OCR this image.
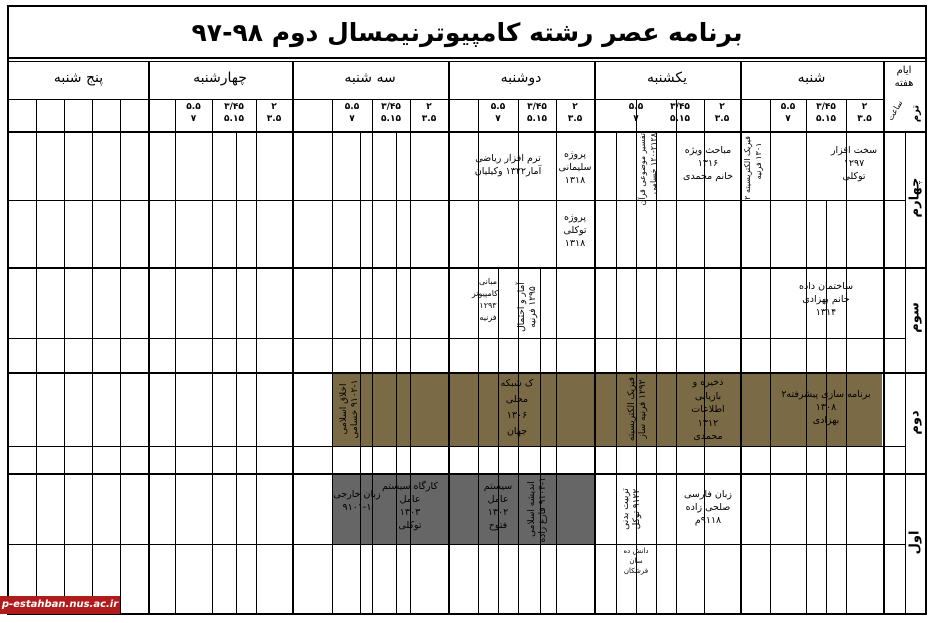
برنامه عصر رشته کامپیوترنیمسال دوم ۹۸-۹۷
شنبه
یکشنبه
دوشنبه
سه شنبه
چهارشنبه
پنج شنبه	ایام
هفته
ساعت ترم
۲
۳.۵
۳/۴۵
۵.۱۵
۵.۵
۷
۲
۳.۵
۳/۴۵
۵.۱۵
۵.۵
۷
۲
۳.۵
۳/۴۵
۵.۱۵
۵.۵
۷
۲
۳.۵
۳/۴۵
۵.۱۵
۵.۵
۷
۲
۳.۵
۳/۴۵
۵.۱۵
۵.۵
۷
چهارم
سوم
دوم
اول
سخت افزار
۱۲۹۷
توکلی
مباحث ویژه
۱۳۱۶
خانم محمدی
فیزیک الکتریسیته ۲ ۱۳۰۱ فرنیه
تفسیر موضوعی قرآن ۱۲۰-۲۱۲۸ خسامی
پروژه
سلیمانی
۱۳۱۸
ترم افزار ریاضی
آمار۱۳۲۲ وکیلیان
پروژه
توکلی
۱۳۱۸
ساختمان داده
خانم بهزادی
۱۳۱۴
آمار و احتمال ۱۲۹۵ فرنیه
مبانی
کامپیوتر
۱۲۹۳
فرنیه
برنامه سازی پیشرفته۲
۱۳۰۸
بهزادی
ذخیره و
بازیابی
اطلاعات
۱۳۱۲
محمدی
فیزیک الکتریسیته ۱۲۹۲ فرنیه ساز
ک شبکه
محلی
۱۳۰۶
جهان
اخلاق اسلامی ۹۱۰۲-۱ خسامی
زبان فارسی
صلحی زاده
۹۱۱۸م
تربیت بدنی ۹۱۲۲ توکل
سیستم
عامل
۱۳۰۲
فتوح	اندیشه اسلامی ۹۱۰۴-۱ فارغ زاده
کارگاه سیستم
عامل
۱۳۰۳
توکلی
زبان خارجی
۹۱۰۱-۱
دانش ده
سان
فرشکان
p-estahban.nus.ac.ir
